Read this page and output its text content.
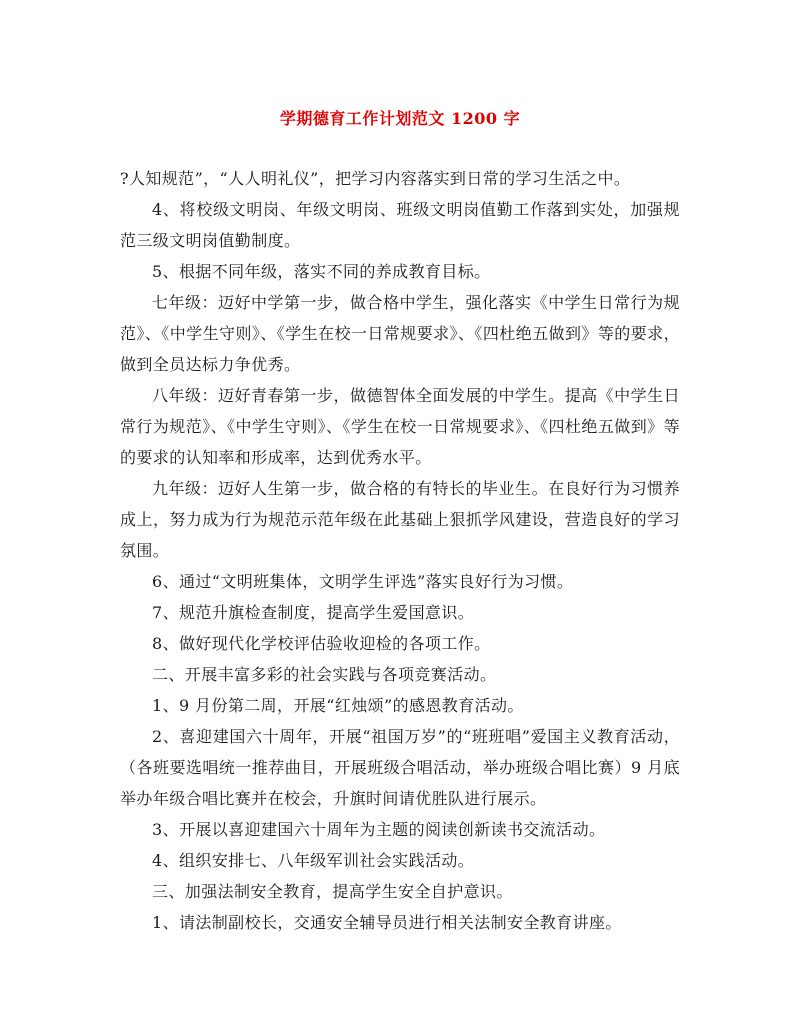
学期德育工作计划范文 1200 字

?人知规范”，“人人明礼仪”，把学习内容落实到日常的学习生活之中。

4、将校级文明岗、年级文明岗、班级文明岗值勤工作落到实处，加强规范三级文明岗值勤制度。

5、根据不同年级，落实不同的养成教育目标。

七年级：迈好中学第一步，做合格中学生，强化落实《中学生日常行为规范》、《中学生守则》、《学生在校一日常规要求》、《四杜绝五做到》等的要求，做到全员达标力争优秀。

八年级：迈好青春第一步，做德智体全面发展的中学生。提高《中学生日常行为规范》、《中学生守则》、《学生在校一日常规要求》、《四杜绝五做到》等的要求的认知率和形成率，达到优秀水平。

九年级：迈好人生第一步，做合格的有特长的毕业生。在良好行为习惯养成上，努力成为行为规范示范年级在此基础上狠抓学风建设，营造良好的学习氛围。

6、通过“文明班集体，文明学生评选”落实良好行为习惯。

7、规范升旗检查制度，提高学生爱国意识。

8、做好现代化学校评估验收迎检的各项工作。

二、开展丰富多彩的社会实践与各项竞赛活动。

1、9 月份第二周，开展“红烛颂”的感恩教育活动。

2、喜迎建国六十周年，开展“祖国万岁”的“班班唱”爱国主义教育活动，（各班要选唱统一推荐曲目，开展班级合唱活动，举办班级合唱比赛）9 月底举办年级合唱比赛并在校会，升旗时间请优胜队进行展示。

3、开展以喜迎建国六十周年为主题的阅读创新读书交流活动。

4、组织安排七、八年级军训社会实践活动。

三、加强法制安全教育，提高学生安全自护意识。

1、请法制副校长，交通安全辅导员进行相关法制安全教育讲座。
